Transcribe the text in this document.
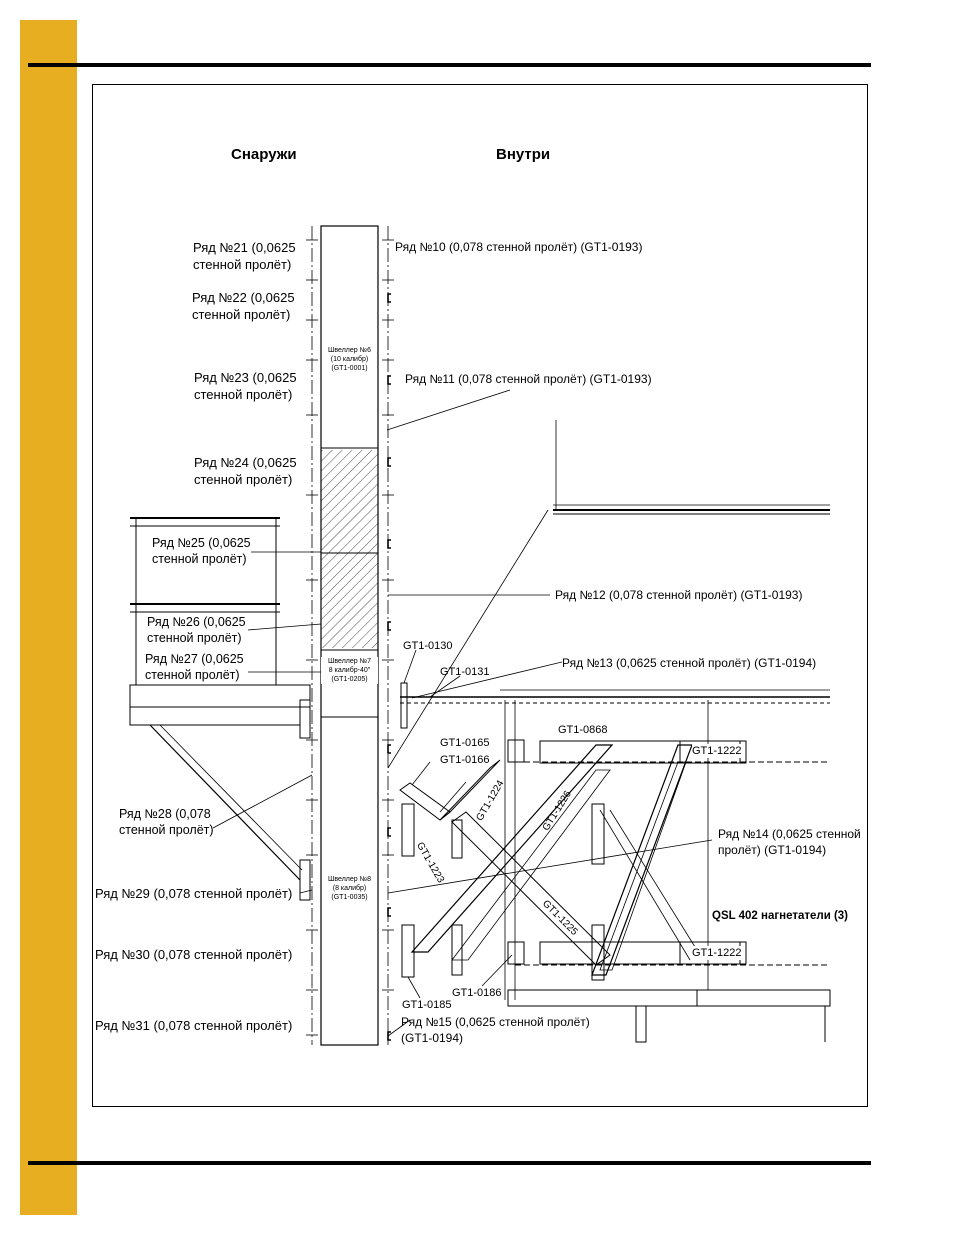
Снаружи	Внутри
Ряд №21 (0,0625
стенной пролёт)
Ряд №22 (0,0625
стенной пролёт)
Ряд №23 (0,0625
стенной пролёт)
Ряд №24 (0,0625
стенной пролёт)
Ряд №25 (0,0625
стенной пролёт)
Ряд №26 (0,0625
стенной пролёт)
Ряд №27 (0,0625
стенной пролёт)
Ряд №28 (0,078
стенной пролёт)
Ряд №29 (0,078 стенной пролёт)
Ряд №30 (0,078 стенной пролёт)
Ряд №31 (0,078 стенной пролёт)
Ряд №10 (0,078 стенной пролёт) (GT1-0193)
Ряд №11 (0,078 стенной пролёт) (GT1-0193)
Ряд №12 (0,078 стенной пролёт) (GT1-0193)
Ряд №13 (0,0625 стенной пролёт) (GT1-0194)
Ряд №14 (0,0625 стенной
пролёт) (GT1-0194)
Ряд №15 (0,0625 стенной пролёт)
(GT1-0194)
Швеллер №6
(10 калибр)
(GT1-0001)
Швеллер №7
8 калибр-40"
(GT1-0205)
Швеллер №8
(8 калибр)
(GT1-0035)
GT1-0130
GT1-0131
GT1-0165
GT1-0166
GT1-0868
GT1-1222
GT1-1222
GT1-0185
GT1-0186
GT1-1224	GT1-1226
GT1-1223
GT1-1225	QSL 402 нагнетатели (3)
